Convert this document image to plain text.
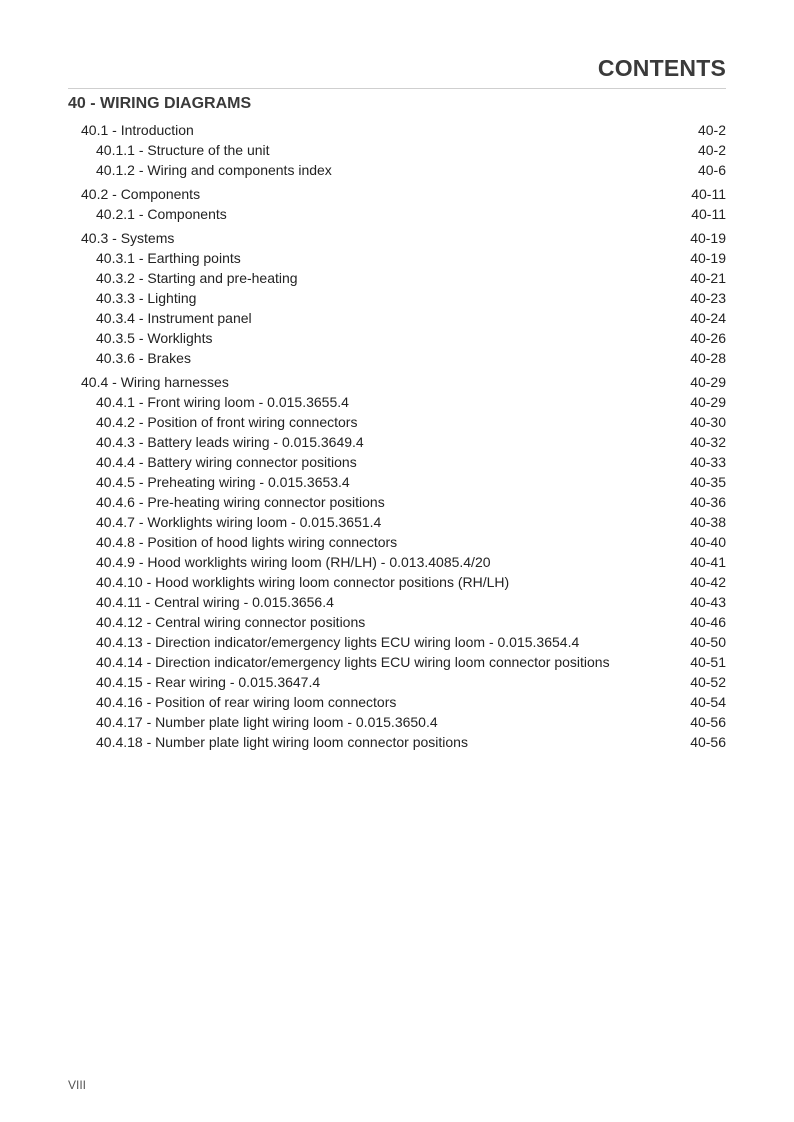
CONTENTS
40 - WIRING DIAGRAMS
40.1 - Introduction	40-2
40.1.1 - Structure of the unit	40-2
40.1.2 - Wiring and components index	40-6
40.2 - Components	40-11
40.2.1 - Components	40-11
40.3 - Systems	40-19
40.3.1 - Earthing points	40-19
40.3.2 - Starting and pre-heating	40-21
40.3.3 - Lighting	40-23
40.3.4 - Instrument panel	40-24
40.3.5 - Worklights	40-26
40.3.6 - Brakes	40-28
40.4 - Wiring harnesses	40-29
40.4.1 - Front wiring loom - 0.015.3655.4	40-29
40.4.2 - Position of front wiring connectors	40-30
40.4.3 - Battery leads wiring - 0.015.3649.4	40-32
40.4.4 - Battery wiring connector positions	40-33
40.4.5 - Preheating wiring - 0.015.3653.4	40-35
40.4.6 - Pre-heating wiring connector positions	40-36
40.4.7 - Worklights wiring loom - 0.015.3651.4	40-38
40.4.8 - Position of hood lights wiring connectors	40-40
40.4.9 - Hood worklights wiring loom (RH/LH) - 0.013.4085.4/20	40-41
40.4.10 - Hood worklights wiring loom connector positions (RH/LH)	40-42
40.4.11 - Central wiring - 0.015.3656.4	40-43
40.4.12 - Central wiring connector positions	40-46
40.4.13 - Direction indicator/emergency lights ECU wiring loom - 0.015.3654.4	40-50
40.4.14 - Direction indicator/emergency lights ECU wiring loom connector positions	40-51
40.4.15 - Rear wiring - 0.015.3647.4	40-52
40.4.16 - Position of rear wiring loom connectors	40-54
40.4.17 - Number plate light wiring loom - 0.015.3650.4	40-56
40.4.18 - Number plate light wiring loom connector positions	40-56
VIII
